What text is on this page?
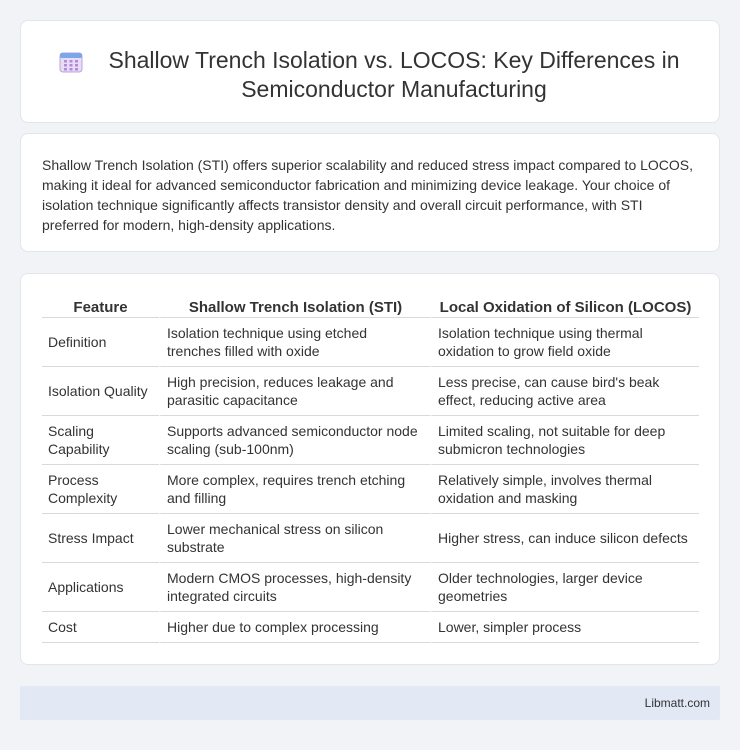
Shallow Trench Isolation vs. LOCOS: Key Differences in Semiconductor Manufacturing

Shallow Trench Isolation (STI) offers superior scalability and reduced stress impact compared to LOCOS, making it ideal for advanced semiconductor fabrication and minimizing device leakage. Your choice of isolation technique significantly affects transistor density and overall circuit performance, with STI preferred for modern, high-density applications.

Feature	Shallow Trench Isolation (STI)	Local Oxidation of Silicon (LOCOS)
Definition	Isolation technique using etched trenches filled with oxide	Isolation technique using thermal oxidation to grow field oxide
Isolation Quality	High precision, reduces leakage and parasitic capacitance	Less precise, can cause bird's beak effect, reducing active area
Scaling Capability	Supports advanced semiconductor node scaling (sub-100nm)	Limited scaling, not suitable for deep submicron technologies
Process Complexity	More complex, requires trench etching and filling	Relatively simple, involves thermal oxidation and masking
Stress Impact	Lower mechanical stress on silicon substrate	Higher stress, can induce silicon defects
Applications	Modern CMOS processes, high-density integrated circuits	Older technologies, larger device geometries
Cost	Higher due to complex processing	Lower, simpler process
Libmatt.com
